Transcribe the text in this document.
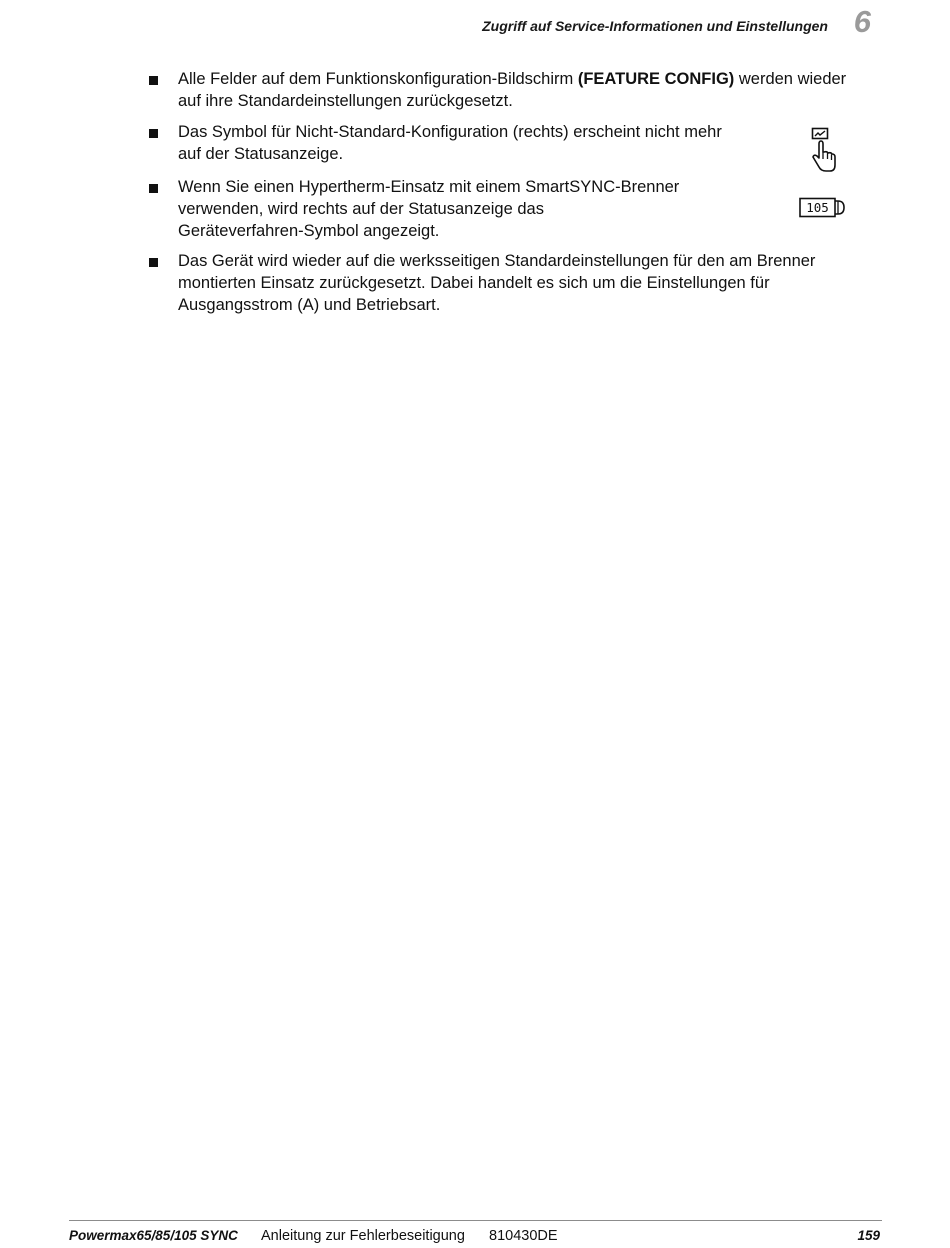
Zugriff auf Service-Informationen und Einstellungen 6
Alle Felder auf dem Funktionskonfiguration-Bildschirm (FEATURE CONFIG) werden wieder
auf ihre Standardeinstellungen zurückgesetzt.
Das Symbol für Nicht-Standard-Konfiguration (rechts) erscheint nicht mehr
auf der Statusanzeige.
Wenn Sie einen Hypertherm-Einsatz mit einem SmartSYNC-Brenner
verwenden, wird rechts auf der Statusanzeige das
Geräteverfahren-Symbol angezeigt.
105
Das Gerät wird wieder auf die werksseitigen Standardeinstellungen für den am Brenner
montierten Einsatz zurückgesetzt. Dabei handelt es sich um die Einstellungen für
Ausgangsstrom (A) und Betriebsart.
Powermax65/85/105 SYNC Anleitung zur Fehlerbeseitigung 810430DE	159
